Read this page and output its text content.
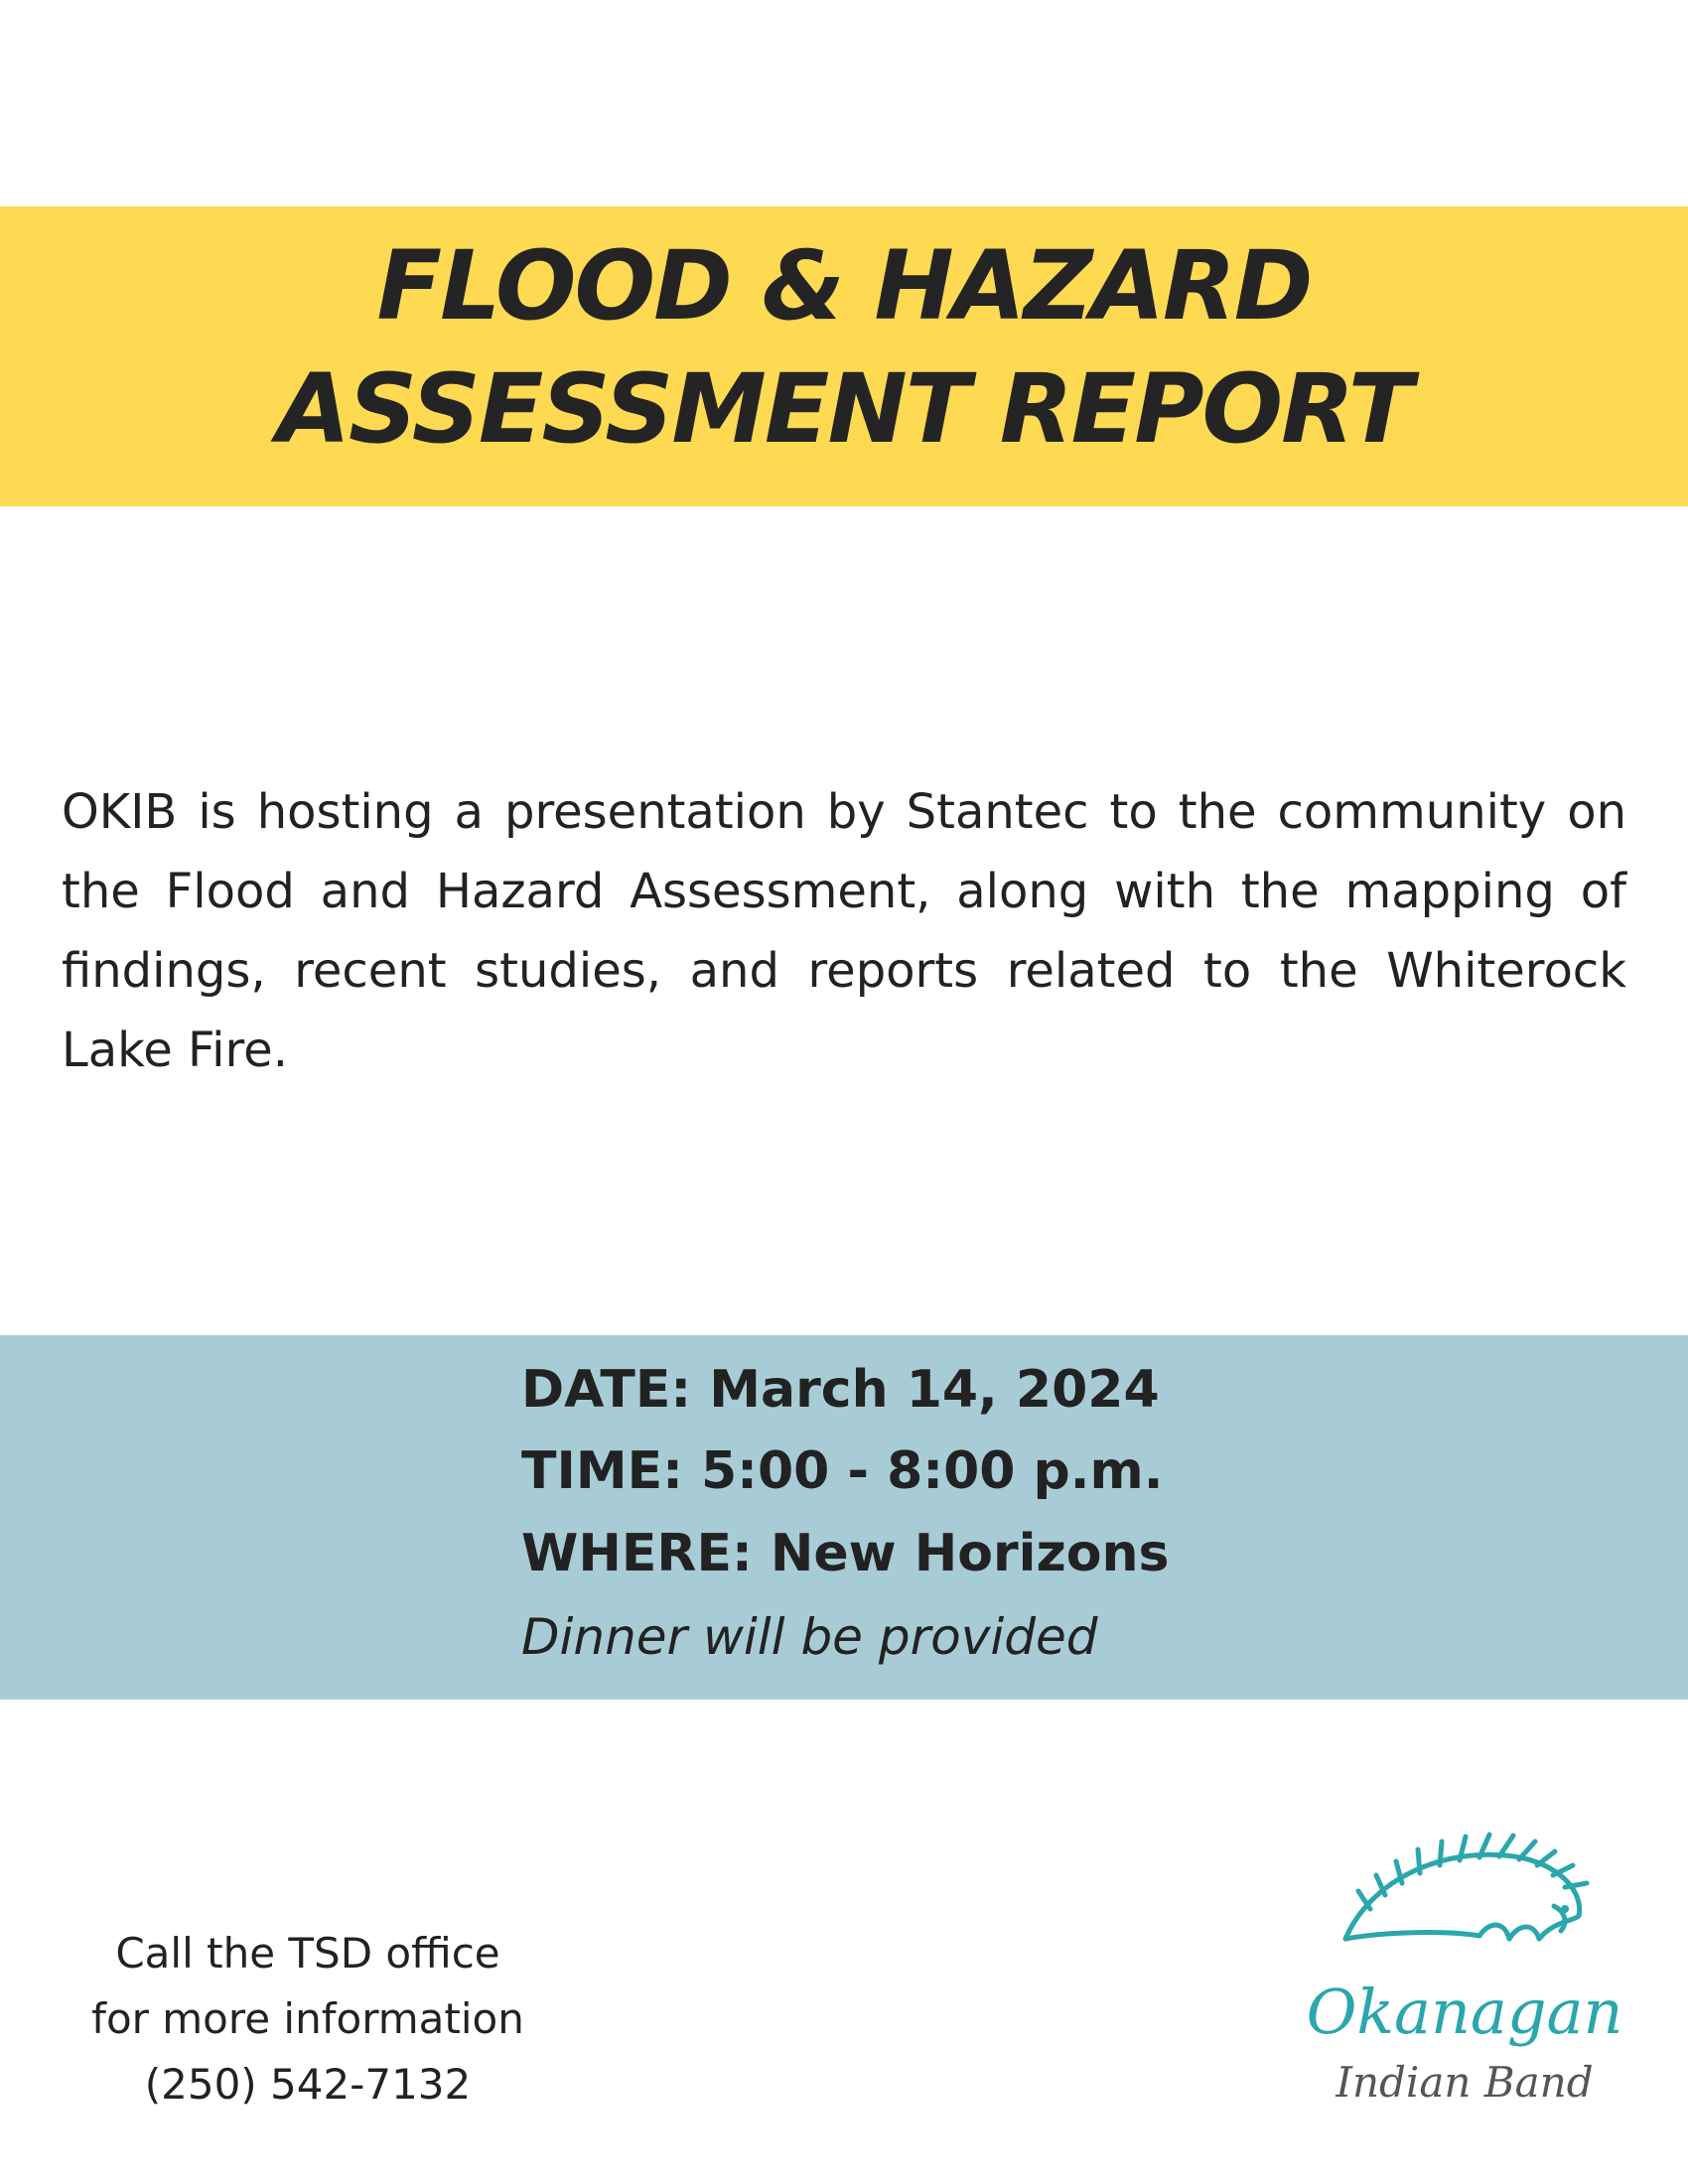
FLOOD & HAZARD
ASSESSMENT REPORT

OKIB is hosting a presentation by Stantec to the community on the Flood and Hazard Assessment, along with the mapping of findings, recent studies, and reports related to the Whiterock Lake Fire.

DATE: March 14, 2024
TIME: 5:00 - 8:00 p.m.
WHERE: New Horizons
Dinner will be provided
Call the TSD office
for more information
(250) 542-7132
Okanagan
Indian Band
